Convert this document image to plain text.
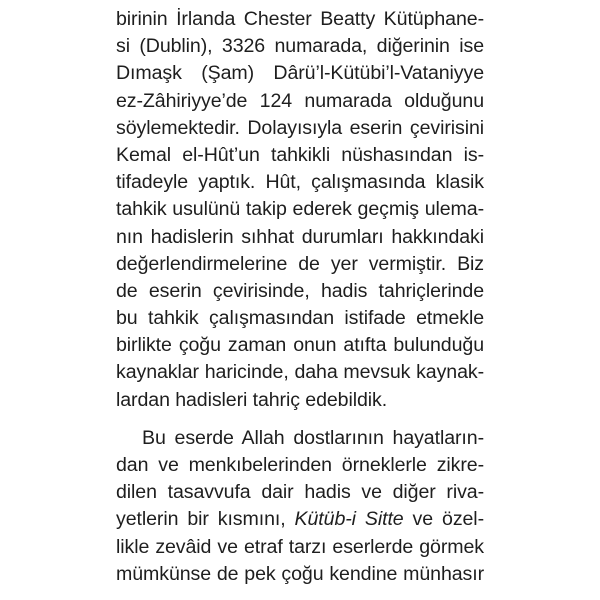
birinin İrlanda Chester Beatty Kütüphane-
si (Dublin), 3326 numarada, diğerinin ise
Dımaşk (Şam) Dârü’l-Kütübi’l-Vataniyye
ez-Zâhiriyye’de 124 numarada olduğunu
söylemektedir. Dolayısıyla eserin çevirisini
Kemal el-Hût’un tahkikli nüshasından is-
tifadeyle yaptık. Hût, çalışmasında klasik
tahkik usulünü takip ederek geçmiş ulema-
nın hadislerin sıhhat durumları hakkındaki
değerlendirmelerine de yer vermiştir. Biz
de eserin çevirisinde, hadis tahriçlerinde
bu tahkik çalışmasından istifade etmekle
birlikte çoğu zaman onun atıfta bulunduğu
kaynaklar haricinde, daha mevsuk kaynak-
lardan hadisleri tahriç edebildik.

Bu eserde Allah dostlarının hayatların-
dan ve menkıbelerinden örneklerle zikre-
dilen tasavvufa dair hadis ve diğer riva-
yetlerin bir kısmını, Kütüb-i Sitte ve özel-
likle zevâid ve etraf tarzı eserlerde görmek
mümkünse de pek çoğu kendine münhasır
